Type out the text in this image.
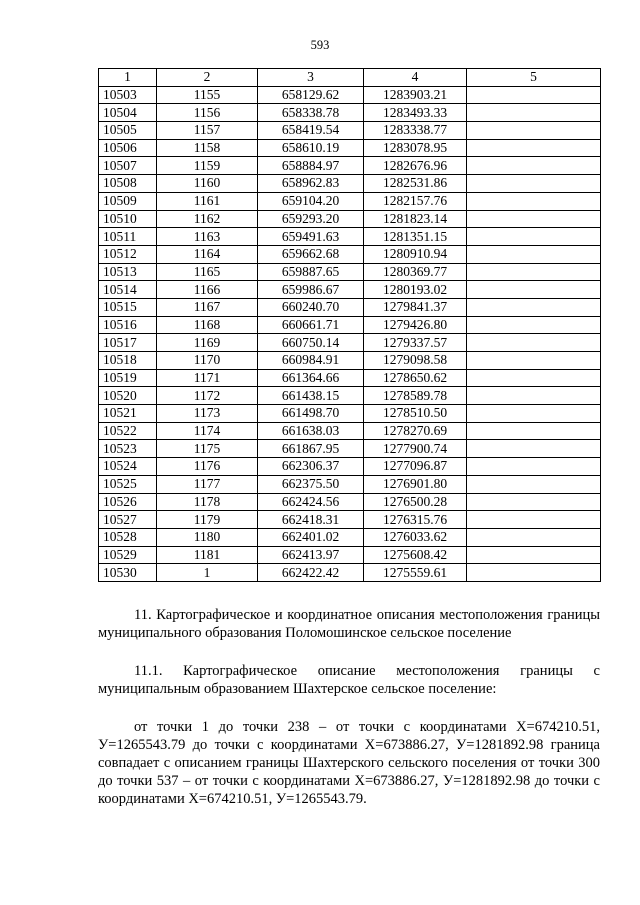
593
1	2	3	4	5
10503	1155	658129.62	1283903.21	
10504	1156	658338.78	1283493.33	
10505	1157	658419.54	1283338.77	
10506	1158	658610.19	1283078.95	
10507	1159	658884.97	1282676.96	
10508	1160	658962.83	1282531.86	
10509	1161	659104.20	1282157.76	
10510	1162	659293.20	1281823.14	
10511	1163	659491.63	1281351.15	
10512	1164	659662.68	1280910.94	
10513	1165	659887.65	1280369.77	
10514	1166	659986.67	1280193.02	
10515	1167	660240.70	1279841.37	
10516	1168	660661.71	1279426.80	
10517	1169	660750.14	1279337.57	
10518	1170	660984.91	1279098.58	
10519	1171	661364.66	1278650.62	
10520	1172	661438.15	1278589.78	
10521	1173	661498.70	1278510.50	
10522	1174	661638.03	1278270.69	
10523	1175	661867.95	1277900.74	
10524	1176	662306.37	1277096.87	
10525	1177	662375.50	1276901.80	
10526	1178	662424.56	1276500.28	
10527	1179	662418.31	1276315.76	
10528	1180	662401.02	1276033.62	
10529	1181	662413.97	1275608.42	
10530	1	662422.42	1275559.61	
11. Картографическое и координатное описания местоположения границы муниципального образования Поломошинское сельское поселение
11.1. Картографическое описание местоположения границы с муниципальным образованием Шахтерское сельское поселение:
от точки 1 до точки 238 – от точки с координатами Х=674210.51, У=1265543.79 до точки с координатами Х=673886.27, У=1281892.98 граница совпадает с описанием границы Шахтерского сельского поселения от точки 300 до точки 537 – от точки с координатами Х=673886.27, У=1281892.98 до точки с координатами Х=674210.51, У=1265543.79.
